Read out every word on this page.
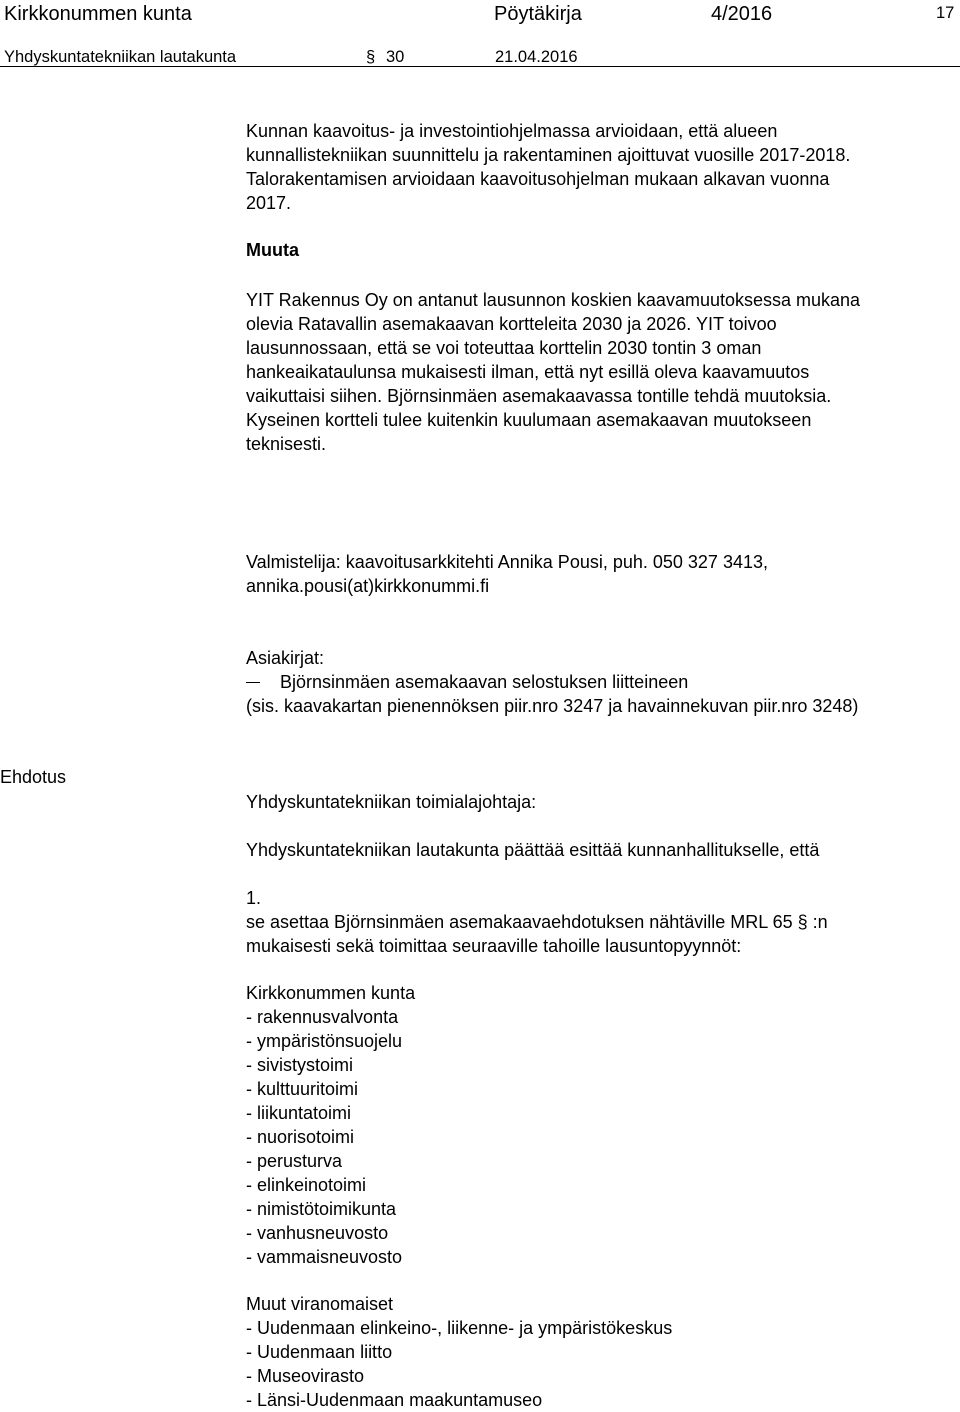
Kirkkonummen kunta	Pöytäkirja	4/2016	17
Yhdyskuntatekniikan lautakunta	§ 30	21.04.2016

Kunnan kaavoitus- ja investointiohjelmassa arvioidaan, että alueen

kunnallistekniikan suunnittelu ja rakentaminen ajoittuvat vuosille 2017-2018.

Talorakentamisen arvioidaan kaavoitusohjelman mukaan alkavan vuonna

2017.

Muuta

YIT Rakennus Oy on antanut lausunnon koskien kaavamuutoksessa mukana

olevia Ratavallin asemakaavan kortteleita 2030 ja 2026. YIT toivoo

lausunnossaan, että se voi toteuttaa korttelin 2030 tontin 3 oman

hankeaikataulunsa mukaisesti ilman, että nyt esillä oleva kaavamuutos

vaikuttaisi siihen. Björnsinmäen asemakaavassa tontille tehdä muutoksia.

Kyseinen kortteli tulee kuitenkin kuulumaan asemakaavan muutokseen

teknisesti.

Valmistelija: kaavoitusarkkitehti Annika Pousi, puh. 050 327 3413,

annika.pousi(at)kirkkonummi.fi

Asiakirjat:

Björnsinmäen asemakaavan selostuksen liitteineen

(sis. kaavakartan pienennöksen piir.nro 3247 ja havainnekuvan piir.nro 3248)

Ehdotus
Yhdyskuntatekniikan toimialajohtaja:
Yhdyskuntatekniikan lautakunta päättää esittää kunnanhallitukselle, että

1.

se asettaa Björnsinmäen asemakaavaehdotuksen nähtäville MRL 65 § :n

mukaisesti sekä toimittaa seuraaville tahoille lausuntopyynnöt:

Kirkkonummen kunta

- rakennusvalvonta

- ympäristönsuojelu

- sivistystoimi

- kulttuuritoimi

- liikuntatoimi

- nuorisotoimi

- perusturva

- elinkeinotoimi

- nimistötoimikunta

- vanhusneuvosto

- vammaisneuvosto

Muut viranomaiset

- Uudenmaan elinkeino-, liikenne- ja ympäristökeskus

- Uudenmaan liitto

- Museovirasto

- Länsi-Uudenmaan maakuntamuseo
